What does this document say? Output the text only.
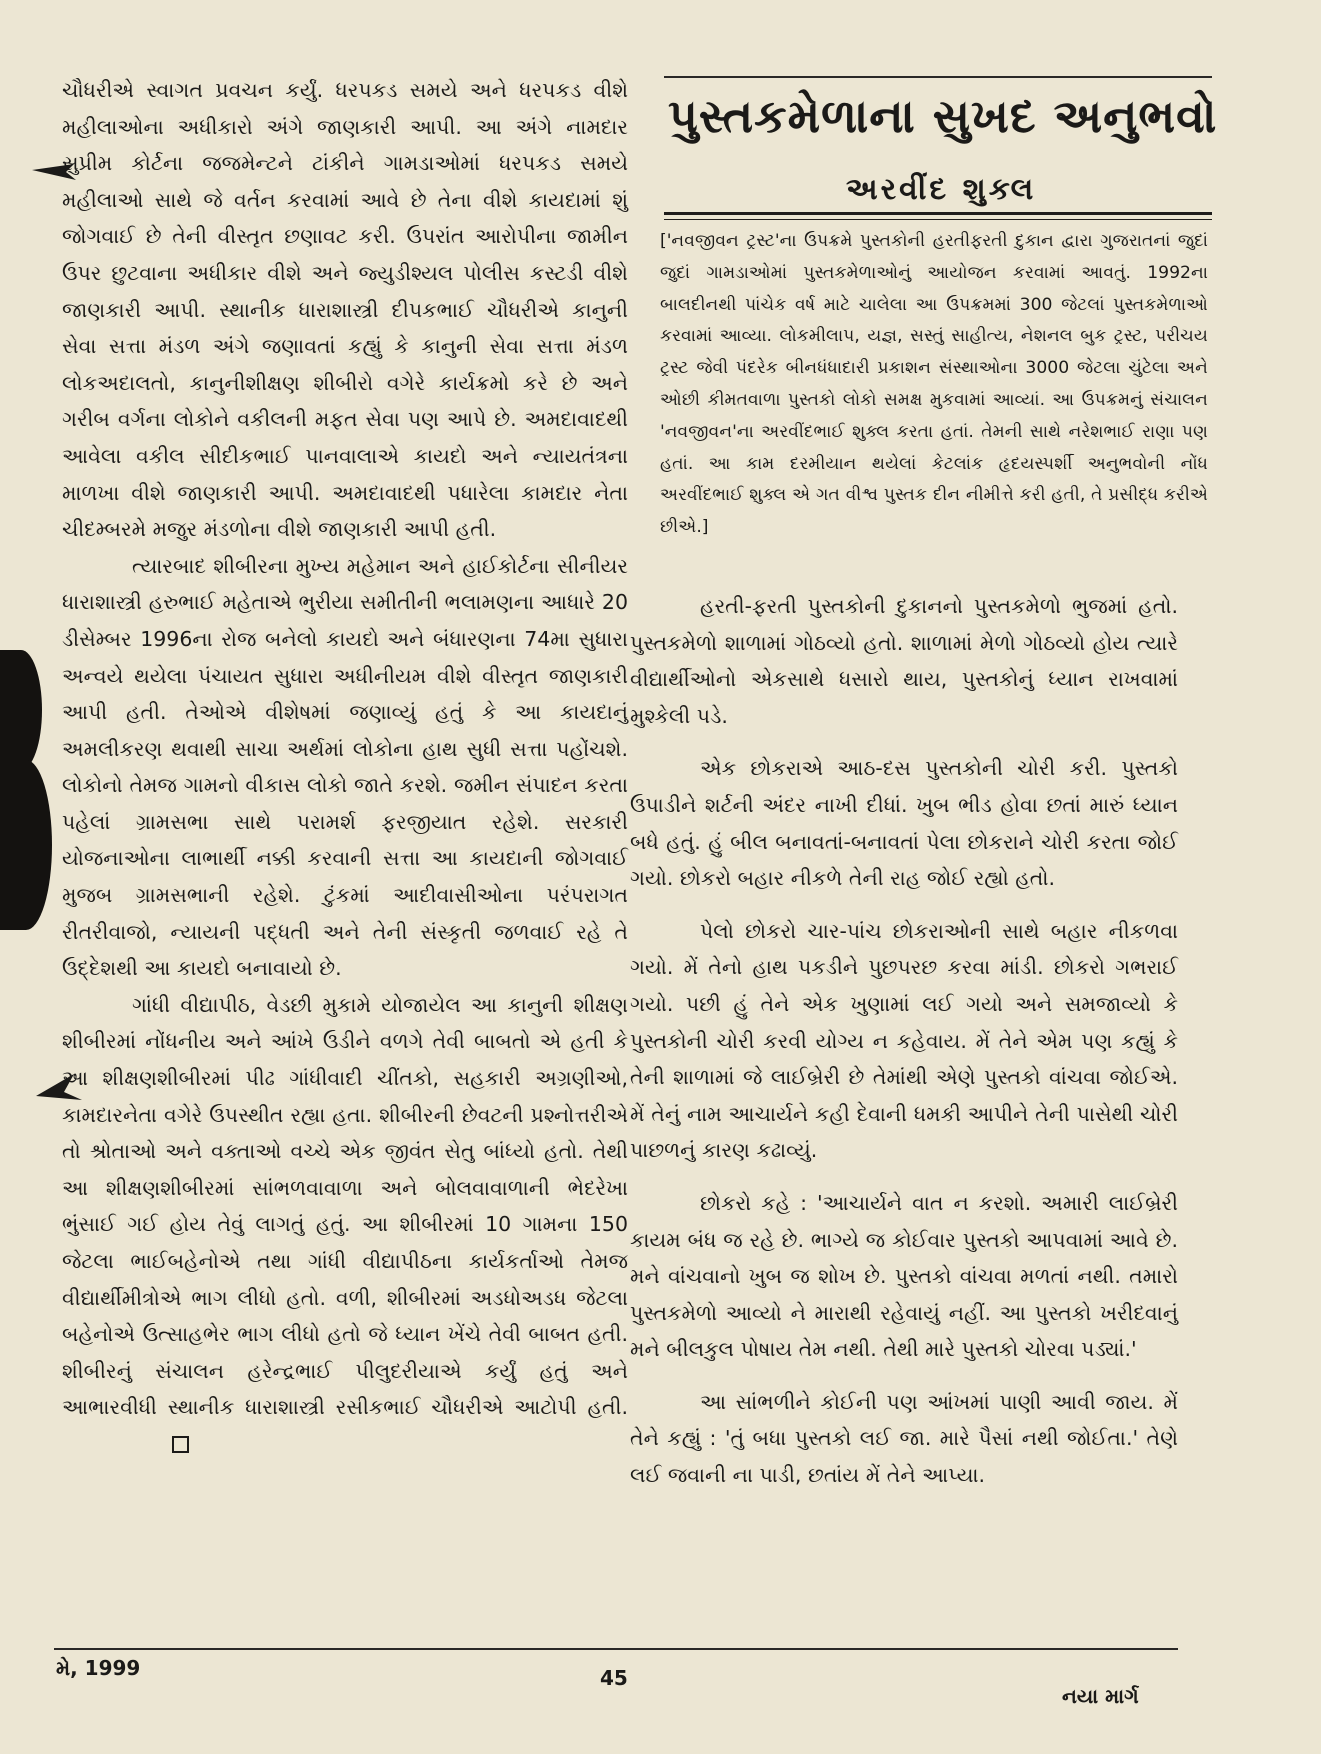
ચૌધરીએ સ્વાગત પ્રવચન કર્યું. ધરપકડ સમયે અને ધરપકડ વીશે મહીલાઓના અધીકારો અંગે જાણકારી આપી. આ અંગે નામદાર સુપ્રીમ કોર્ટના જજમેન્ટને ટાંકીને ગામડાઓમાં ધરપકડ સમયે મહીલાઓ સાથે જે વર્તન કરવામાં આવે છે તેના વીશે કાયદામાં શું જોગવાઈ છે તેની વીસ્તૃત છણાવટ કરી. ઉપરાંત આરોપીના જામીન ઉપર છુટવાના અધીકાર વીશે અને જ્યુડીશ્યલ પોલીસ કસ્ટડી વીશે જાણકારી આપી. સ્થાનીક ધારાશાસ્ત્રી દીપકભાઈ ચૌધરીએ કાનુની સેવા સત્તા મંડળ અંગે જણાવતાં કહ્યું કે કાનુની સેવા સત્તા મંડળ લોકઅદાલતો, કાનુનીશીક્ષણ શીબીરો વગેરે કાર્યક્રમો કરે છે અને ગરીબ વર્ગના લોકોને વકીલની મફત સેવા પણ આપે છે. અમદાવાદથી આવેલા વકીલ સીદીકભાઈ પાનવાલાએ કાયદો અને ન્યાયતંત્રના માળખા વીશે જાણકારી આપી. અમદાવાદથી પધારેલા કામદાર નેતા ચીદમ્બરમે મજુર મંડળોના વીશે જાણકારી આપી હતી.

ત્યારબાદ શીબીરના મુખ્ય મહેમાન અને હાઈકોર્ટના સીનીયર ધારાશાસ્ત્રી હરુભાઈ મહેતાએ ભુરીયા સમીતીની ભલામણના આધારે 20 ડીસેમ્બર 1996ના રોજ બનેલો કાયદો અને બંધારણના 74મા સુધારા અન્વયે થયેલા પંચાયત સુધારા અધીનીયમ વીશે વીસ્તૃત જાણકારી આપી હતી. તેઓએ વીશેષમાં જણાવ્યું હતું કે આ કાયદાનું અમલીકરણ થવાથી સાચા અર્થમાં લોકોના હાથ સુધી સત્તા પહોંચશે. લોકોનો તેમજ ગામનો વીકાસ લોકો જાતે કરશે. જમીન સંપાદન કરતા પહેલાં ગ્રામસભા સાથે પરામર્શ ફરજીયાત રહેશે. સરકારી યોજનાઓના લાભાર્થી નક્કી કરવાની સત્તા આ કાયદાની જોગવાઈ મુજબ ગ્રામસભાની રહેશે. ટુંકમાં આદીવાસીઓના પરંપરાગત રીતરીવાજો, ન્યાયની પદ્ધતી અને તેની સંસ્કૃતી જળવાઈ રહે તે ઉદ્દેશથી આ કાયદો બનાવાયો છે.

ગાંધી વીદ્યાપીઠ, વેડછી મુકામે યોજાયેલ આ કાનુની શીક્ષણ શીબીરમાં નોંધનીય અને આંખે ઉડીને વળગે તેવી બાબતો એ હતી કે આ શીક્ષણશીબીરમાં પીઢ ગાંધીવાદી ચીંતકો, સહકારી અગ્રણીઓ, કામદારનેતા વગેરે ઉપસ્થીત રહ્યા હતા. શીબીરની છેવટની પ્રશ્નોત્તરીએ તો શ્રોતાઓ અને વક્તાઓ વચ્ચે એક જીવંત સેતુ બાંધ્યો હતો. તેથી આ શીક્ષણશીબીરમાં સાંભળવાવાળા અને બોલવાવાળાની ભેદરેખા ભુંસાઈ ગઈ હોય તેવું લાગતું હતું. આ શીબીરમાં 10 ગામના 150 જેટલા ભાઈબહેનોએ તથા ગાંધી વીદ્યાપીઠના કાર્યકર્તાઓ તેમજ વીદ્યાર્થીમીત્રોએ ભાગ લીધો હતો. વળી, શીબીરમાં અડધોઅડધ જેટલા બહેનોએ ઉત્સાહભેર ભાગ લીધો હતો જે ધ્યાન ખેંચે તેવી બાબત હતી. શીબીરનું સંચાલન હરેન્દ્રભાઈ પીલુદરીયાએ કર્યું હતું અને આભારવીધી સ્થાનીક ધારાશાસ્ત્રી રસીકભાઈ ચૌધરીએ આટોપી હતી.

પુસ્તકમેળાના સુખદ અનુભવો
અરવીંદ શુક્લ

['નવજીવન ટ્રસ્ટ'ના ઉપક્રમે પુસ્તકોની હરતીફરતી દુકાન દ્વારા ગુજરાતનાં જુદાં જુદાં ગામડાઓમાં પુસ્તકમેળાઓનું આયોજન કરવામાં આવતું. 1992ના બાલદીનથી પાંચેક વર્ષ માટે ચાલેલા આ ઉપક્રમમાં 300 જેટલાં પુસ્તકમેળાઓ કરવામાં આવ્યા. લોકમીલાપ, યજ્ઞ, સસ્તું સાહીત્ય, નેશનલ બુક ટ્રસ્ટ, પરીચય ટ્રસ્ટ જેવી પંદરેક બીનધંધાદારી પ્રકાશન સંસ્થાઓના 3000 જેટલા ચુંટેલા અને ઓછી કીમતવાળા પુસ્તકો લોકો સમક્ષ મુકવામાં આવ્યાં. આ ઉપક્રમનું સંચાલન 'નવજીવન'ના અરવીંદભાઈ શુક્લ કરતા હતાં. તેમની સાથે નરેશભાઈ રાણા પણ હતાં. આ કામ દરમીયાન થયેલાં કેટલાંક હૃદયસ્પર્શી અનુભવોની નોંધ અરવીંદભાઈ શુક્લ એ ગત વીશ્વ પુસ્તક દીન નીમીત્તે કરી હતી, તે પ્રસીદ્ધ કરીએ છીએ.]

હરતી-ફરતી પુસ્તકોની દુકાનનો પુસ્તકમેળો ભુજમાં હતો. પુસ્તકમેળો શાળામાં ગોઠવ્યો હતો. શાળામાં મેળો ગોઠવ્યો હોય ત્યારે વીદ્યાર્થીઓનો એકસાથે ધસારો થાય, પુસ્તકોનું ધ્યાન રાખવામાં મુશ્કેલી પડે.

એક છોકરાએ આઠ-દસ પુસ્તકોની ચોરી કરી. પુસ્તકો ઉપાડીને શર્ટની અંદર નાખી દીધાં. ખુબ ભીડ હોવા છતાં મારું ધ્યાન બધે હતું. હું બીલ બનાવતાં-બનાવતાં પેલા છોકરાને ચોરી કરતા જોઈ ગયો. છોકરો બહાર નીકળે તેની રાહ જોઈ રહ્યો હતો.

પેલો છોકરો ચાર-પાંચ છોકરાઓની સાથે બહાર નીકળવા ગયો. મેં તેનો હાથ પકડીને પુછપરછ કરવા માંડી. છોકરો ગભરાઈ ગયો. પછી હું તેને એક ખુણામાં લઈ ગયો અને સમજાવ્યો કે પુસ્તકોની ચોરી કરવી યોગ્ય ન કહેવાય. મેં તેને એમ પણ કહ્યું કે તેની શાળામાં જે લાઈબ્રેરી છે તેમાંથી એણે પુસ્તકો વાંચવા જોઈએ. મેં તેનું નામ આચાર્યને કહી દેવાની ધમકી આપીને તેની પાસેથી ચોરી પાછળનું કારણ કઢાવ્યું.

છોકરો કહે : 'આચાર્યને વાત ન કરશો. અમારી લાઈબ્રેરી કાયમ બંધ જ રહે છે. ભાગ્યે જ કોઈવાર પુસ્તકો આપવામાં આવે છે. મને વાંચવાનો ખુબ જ શોખ છે. પુસ્તકો વાંચવા મળતાં નથી. તમારો પુસ્તકમેળો આવ્યો ને મારાથી રહેવાયું નહીં. આ પુસ્તકો ખરીદવાનું મને બીલકુલ પોષાય તેમ નથી. તેથી મારે પુસ્તકો ચોરવા પડ્યાં.'

આ સાંભળીને કોઈની પણ આંખમાં પાણી આવી જાય. મેં તેને કહ્યું : 'તું બધા પુસ્તકો લઈ જા. મારે પૈસાં નથી જોઈતા.' તેણે લઈ જવાની ના પાડી, છતાંય મેં તેને આપ્યા.

મે, 1999	45

નયા માર્ગ
